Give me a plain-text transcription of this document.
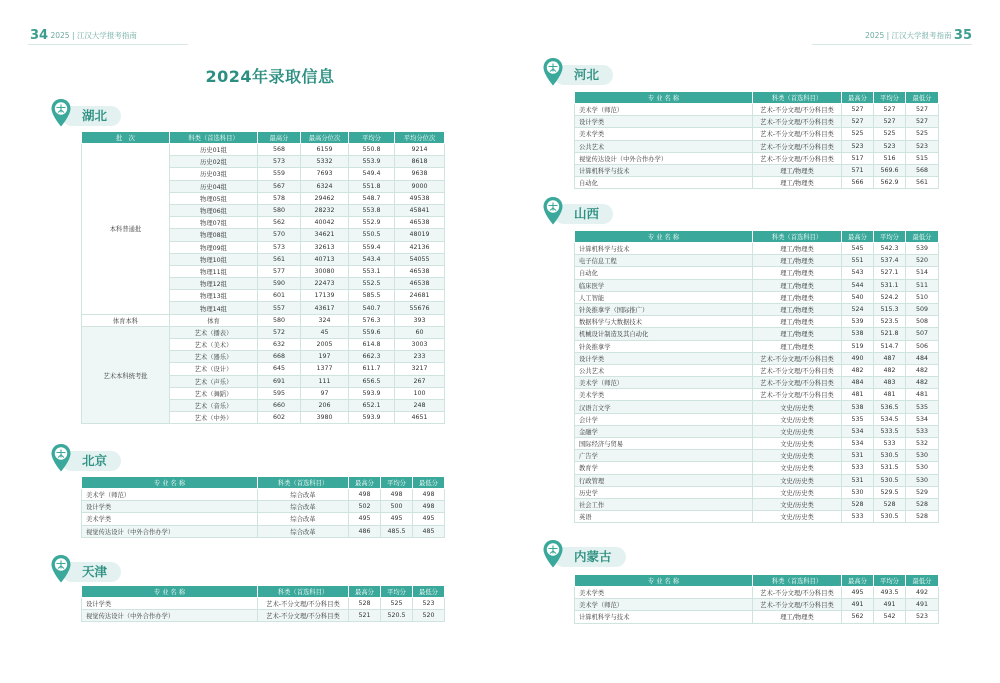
34 2025 | 江汉大学报考指南	2025 | 江汉大学报考指南 35
2024年录取信息
湖北
批　次	科类（首选科目）	最高分	最高分位次	平均分	平均分位次
本科普通批	历史01组	568	6159	550.8	9214
	历史02组	573	5332	553.9	8618
	历史03组	559	7693	549.4	9638
	历史04组	567	6324	551.8	9000
	物理05组	578	29462	548.7	49538
	物理06组	580	28232	553.8	45841
	物理07组	562	40042	552.9	46538
	物理08组	570	34621	550.5	48019
	物理09组	573	32613	559.4	42136
	物理10组	561	40713	543.4	54055
	物理11组	577	30080	553.1	46538
	物理12组	590	22473	552.5	46538
	物理13组	601	17139	585.5	24681
	物理14组	557	43617	540.7	55676
体育本科	体育	580	324	576.3	393
艺术本科统考批	艺术（播表）	572	45	559.6	60
	艺术（美术）	632	2005	614.8	3003
	艺术（器乐）	668	197	662.3	233
	艺术（设计）	645	1377	611.7	3217
	艺术（声乐）	691	111	656.5	267
	艺术（舞蹈）	595	97	593.9	100
	艺术（音乐）	660	206	652.1	248
	艺术（中外）	602	3980	593.9	4651
北京
专 业 名 称	科类（首选科目）	最高分	平均分	最低分
美术学（师范）	综合改革	498	498	498
设计学类	综合改革	502	500	498
美术学类	综合改革	495	495	495
视觉传达设计（中外合作办学）	综合改革	486	485.5	485
天津
专 业 名 称	科类（首选科目）	最高分	平均分	最低分
设计学类	艺术-不分文理/不分科目类	528	525	523
视觉传达设计（中外合作办学）	艺术-不分文理/不分科目类	521	520.5	520
河北
专 业 名 称	科类（首选科目）	最高分	平均分	最低分
美术学（师范）	艺术-不分文理/不分科目类	527	527	527
设计学类	艺术-不分文理/不分科目类	527	527	527
美术学类	艺术-不分文理/不分科目类	525	525	525
公共艺术	艺术-不分文理/不分科目类	523	523	523
视觉传达设计（中外合作办学）	艺术-不分文理/不分科目类	517	516	515
计算机科学与技术	理工/物理类	571	569.6	568
自动化	理工/物理类	566	562.9	561
山西
专 业 名 称	科类（首选科目）	最高分	平均分	最低分
计算机科学与技术	理工/物理类	545	542.3	539
电子信息工程	理工/物理类	551	537.4	520
自动化	理工/物理类	543	527.1	514
临床医学	理工/物理类	544	531.1	511
人工智能	理工/物理类	540	524.2	510
针灸推拿学（国际推广）	理工/物理类	524	515.3	509
数据科学与大数据技术	理工/物理类	539	523.5	508
机械设计制造及其自动化	理工/物理类	538	521.8	507
针灸推拿学	理工/物理类	519	514.7	506
设计学类	艺术-不分文理/不分科目类	490	487	484
公共艺术	艺术-不分文理/不分科目类	482	482	482
美术学（师范）	艺术-不分文理/不分科目类	484	483	482
美术学类	艺术-不分文理/不分科目类	481	481	481
汉语言文学	文史/历史类	538	536.5	535
会计学	文史/历史类	535	534.5	534
金融学	文史/历史类	534	533.5	533
国际经济与贸易	文史/历史类	534	533	532
广告学	文史/历史类	531	530.5	530
教育学	文史/历史类	533	531.5	530
行政管理	文史/历史类	531	530.5	530
历史学	文史/历史类	530	529.5	529
社会工作	文史/历史类	528	528	528
英语	文史/历史类	533	530.5	528
内蒙古
专 业 名 称	科类（首选科目）	最高分	平均分	最低分
美术学类	艺术-不分文理/不分科目类	495	493.5	492
美术学（师范）	艺术-不分文理/不分科目类	491	491	491
计算机科学与技术	理工/物理类	562	542	523
